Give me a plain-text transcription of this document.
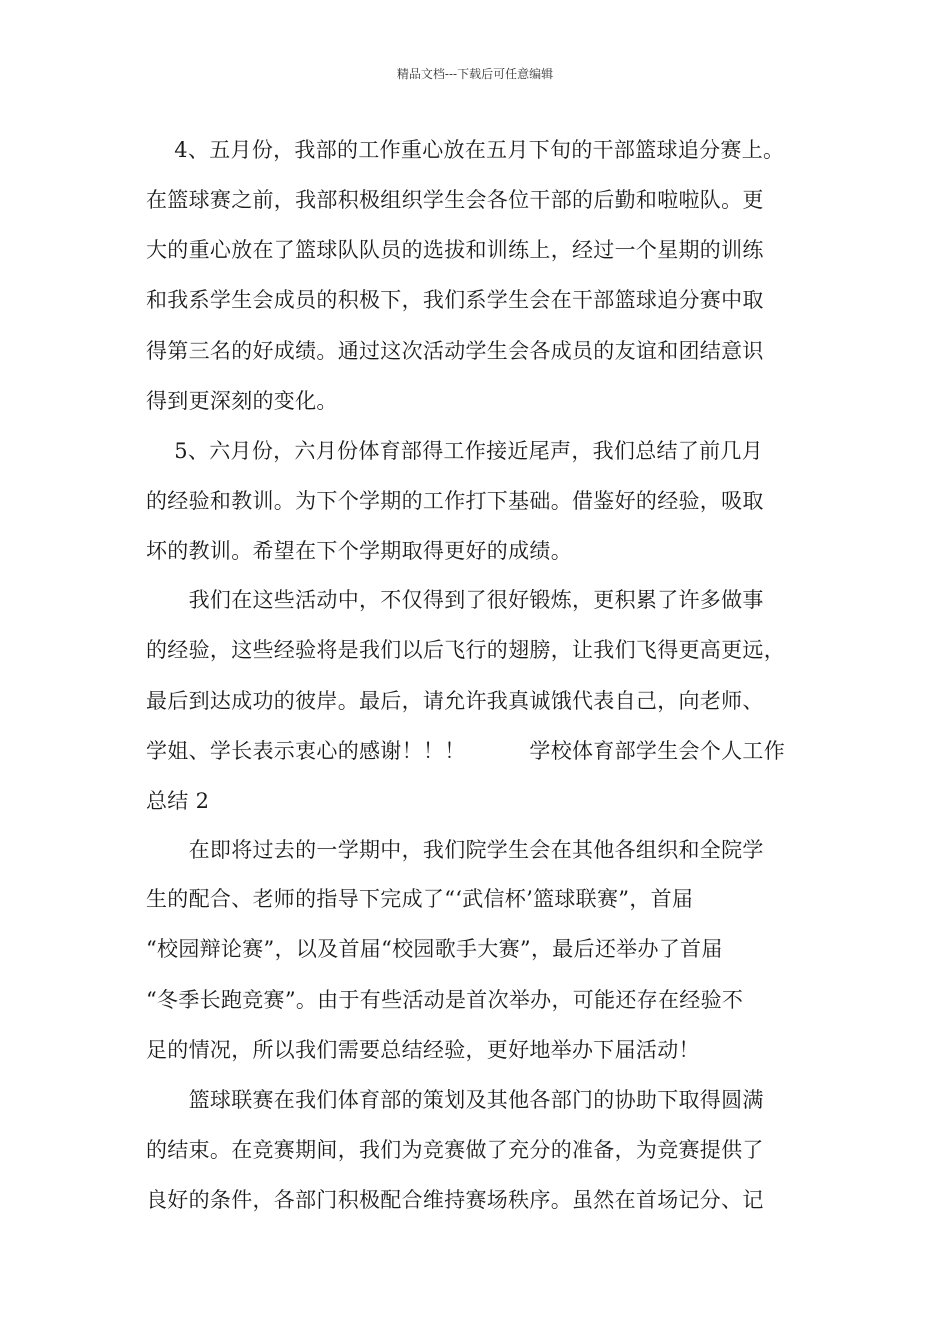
精品文档---下载后可任意编辑
　 4、五月份，我部的工作重心放在五月下旬的干部篮球追分赛上。
在篮球赛之前，我部积极组织学生会各位干部的后勤和啦啦队。更
大的重心放在了篮球队队员的选拔和训练上，经过一个星期的训练
和我系学生会成员的积极下，我们系学生会在干部篮球追分赛中取
得第三名的好成绩。通过这次活动学生会各成员的友谊和团结意识
得到更深刻的变化。
　 5、六月份，六月份体育部得工作接近尾声，我们总结了前几月
的经验和教训。为下个学期的工作打下基础。借鉴好的经验，吸取
坏的教训。希望在下个学期取得更好的成绩。
　　我们在这些活动中，不仅得到了很好锻炼，更积累了许多做事
的经验，这些经验将是我们以后飞行的翅膀，让我们飞得更高更远，
最后到达成功的彼岸。最后，请允许我真诚饿代表自己，向老师、
学姐、学长表示衷心的感谢！！！　　　学校体育部学生会个人工作
总结 2
　　在即将过去的一学期中，我们院学生会在其他各组织和全院学
生的配合、老师的指导下完成了“‘武信杯’篮球联赛”，首届
“校园辩论赛”，以及首届“校园歌手大赛”，最后还举办了首届
“冬季长跑竞赛”。由于有些活动是首次举办，可能还存在经验不
足的情况，所以我们需要总结经验，更好地举办下届活动！
　　篮球联赛在我们体育部的策划及其他各部门的协助下取得圆满
的结束。在竞赛期间，我们为竞赛做了充分的准备，为竞赛提供了
良好的条件，各部门积极配合维持赛场秩序。虽然在首场记分、记
